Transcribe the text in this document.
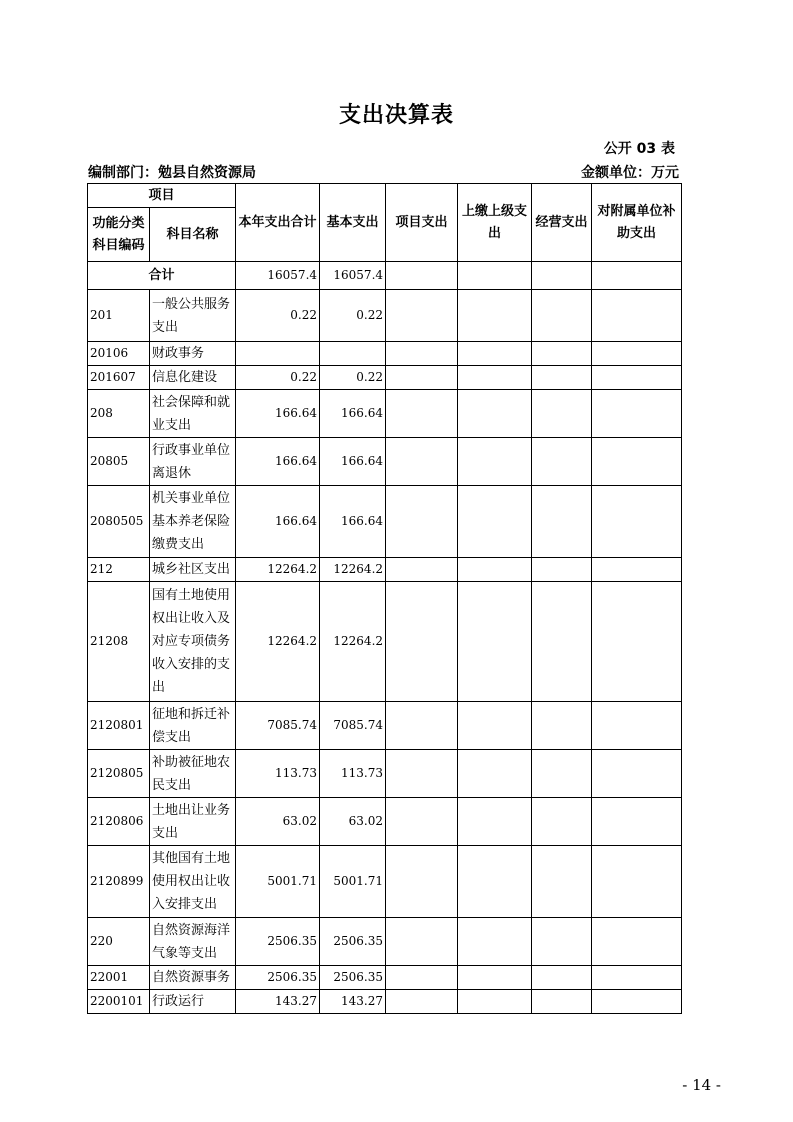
支出决算表
公开 03 表
编制部门：勉县自然资源局	金额单位：万元
项目		本年支出合计	基本支出	项目支出	上缴上级支出	经营支出	对附属单位补助支出
功能分类科目编码	科目名称						
合计		16057.4	16057.4				
201	一般公共服务支出	0.22	0.22				
20106	财政事务						
201607	信息化建设	0.22	0.22				
208	社会保障和就业支出	166.64	166.64				
20805	行政事业单位离退休	166.64	166.64				
2080505	机关事业单位基本养老保险缴费支出	166.64	166.64				
212	城乡社区支出	12264.2	12264.2				
21208	国有土地使用权出让收入及对应专项债务收入安排的支出	12264.2	12264.2				
2120801	征地和拆迁补偿支出	7085.74	7085.74				
2120805	补助被征地农民支出	113.73	113.73				
2120806	土地出让业务支出	63.02	63.02				
2120899	其他国有土地使用权出让收入安排支出	5001.71	5001.71				
220	自然资源海洋气象等支出	2506.35	2506.35				
22001	自然资源事务	2506.35	2506.35				
2200101	行政运行	143.27	143.27				
- 14 -
